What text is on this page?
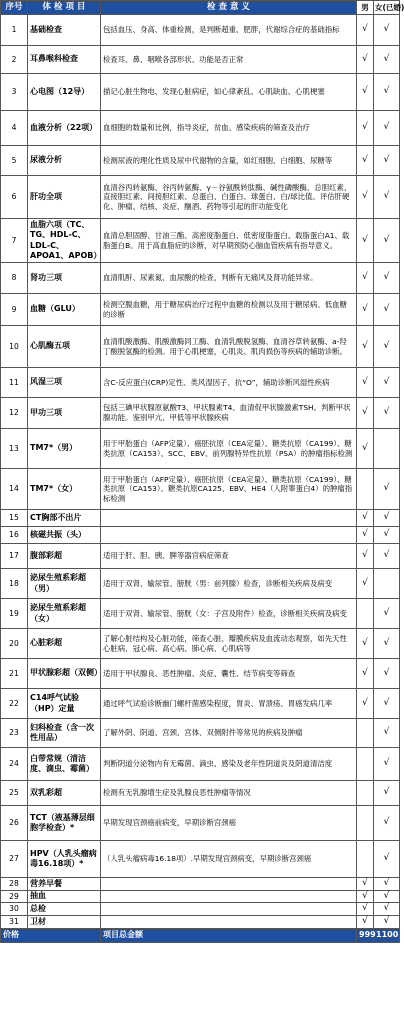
序号	体 检 项 目	检 查 意 义	男	女(已婚)
1	基础检查	包括血压、身高、体重检测，是判断超重、肥胖，代谢综合症的基础指标	√	√
2	耳鼻喉科检查	检查耳、鼻、咽喉各部形状、功能是否正常	√	√
3	心电图（12导）	描记心脏生物电、发现心脏病症，如心律紊乱、心肌缺血、心肌梗塞	√	√
4	血液分析（22项）	血细胞的数量和比例，指导炎症，贫血、感染疾病的筛查及治疗	√	√
5	尿液分析	检测尿液的理化性质及尿中代谢物的含量，如红细胞、白细胞、尿糖等	√	√
6	肝功全项	血清谷丙转氨酶、谷丙转氨酶、γ－谷氨酰转肽酶、碱性磷酸酶、总胆红素、直接胆红素、间接胆红素、总蛋白、白蛋白、球蛋白、白/球比值。评估肝硬化、肿瘤、结核、炎症、酗酒、药物等引起的肝功能变化	√	√
7	血脂六项（TC、TG、HDL-C、LDL-C、APOA1、APOB）	血清总胆固醇、甘油三酯、高密度脂蛋白、低密度脂蛋白、载脂蛋白A1、载脂蛋白B。用于高血脂症的诊断，对早期预防心脑血管疾病有指导意义。	√	√
8	肾功三项	血清肌酐、尿素氮、血尿酸的检查，判断有无痛风及肾功能异常。	√	√
9	血糖（GLU）	检测空腹血糖，用于糖尿病治疗过程中血糖的检测以及用于糖尿病、低血糖的诊断	√	√
10	心肌酶五项	血清肌酸激酶、肌酸激酶同工酶、血清乳酸脱氢酶、血清谷草转氨酶、a-羟丁酸脱氢酶的检测。用于心肌梗塞，心肌炎、肌肉损伤等疾病的辅助诊断。	√	√
11	风湿三项	含C-反应蛋白(CRP)定性、类风湿因子、抗“O”，辅助诊断风湿性疾病	√	√
12	甲功三项	包括三碘甲状腺原氨酸T3、甲状腺素T4、血清促甲状腺激素TSH。判断甲状腺功能。鉴别甲亢、甲低等甲状腺疾病	√	√
13	TM7*（男）	用于甲胎蛋白（AFP定量）、癌胚抗原（CEA定量）、糖类抗原（CA199）、糖类抗原（CA153）、SCC、EBV、前列腺特异性抗原（PSA）的肿瘤指标检测	√	
14	TM7*（女）	用于甲胎蛋白（AFP定量）、癌胚抗原（CEA定量）、糖类抗原（CA199）、糖类抗原（CA153）、糖类抗原CA125、EBV、HE4（人附睾蛋白4）的肿瘤指标检测		√
15	CT胸部不出片		√	√
16	核磁共振（头）		√	√
17	腹部彩超	适用于肝、胆、胰、脾等器官病症筛查	√	√
18	泌尿生殖系彩超（男）	适用于双肾、输尿管、膀胱（男：前列腺）检查，诊断相关疾病及病变	√	
19	泌尿生殖系彩超（女）	适用于双肾、输尿管、膀胱（女：子宫及附件）检查，诊断相关疾病及病变		√
20	心脏彩超	了解心脏结构及心脏功能，筛查心脏、瓣膜疾病及血流动态观察，如先天性心脏病、冠心病、高心病、肺心病、心肌病等	√	√
21	甲状腺彩超（双侧）	适用于甲状腺良、恶性肿瘤、炎症、囊性、结节病变等筛查	√	√
22	C14呼气试验（HP）定量	通过呼气试验诊断幽门螺杆菌感染程度，胃炎、胃溃疡、胃癌发病几率	√	√
23	妇科检查（含一次性用品）	了解外阴、阴道、宫颈、宫体、双侧附件等常见的疾病及肿瘤		√
24	白带常规（清洁度、滴虫、霉菌）	判断阴道分泌物内有无霉菌、滴虫、感染及老年性阴道炎及阴道清洁度		√
25	双乳彩超	检测有无乳腺增生症及乳腺良恶性肿瘤等情况		√
26	TCT（液基薄层细胞学检查）*	早期发现宫颈癌前病变，早期诊断宫颈癌		√
27	HPV（人乳头瘤病毒16.18项）*	（人乳头瘤病毒16.18项）.早期发现宫颈病变，早期诊断宫颈癌		√
28	营养早餐		√	√
29	抽血		√	√
30	总检		√	√
31	卫材		√	√
价格		项目总金额	999	1100
